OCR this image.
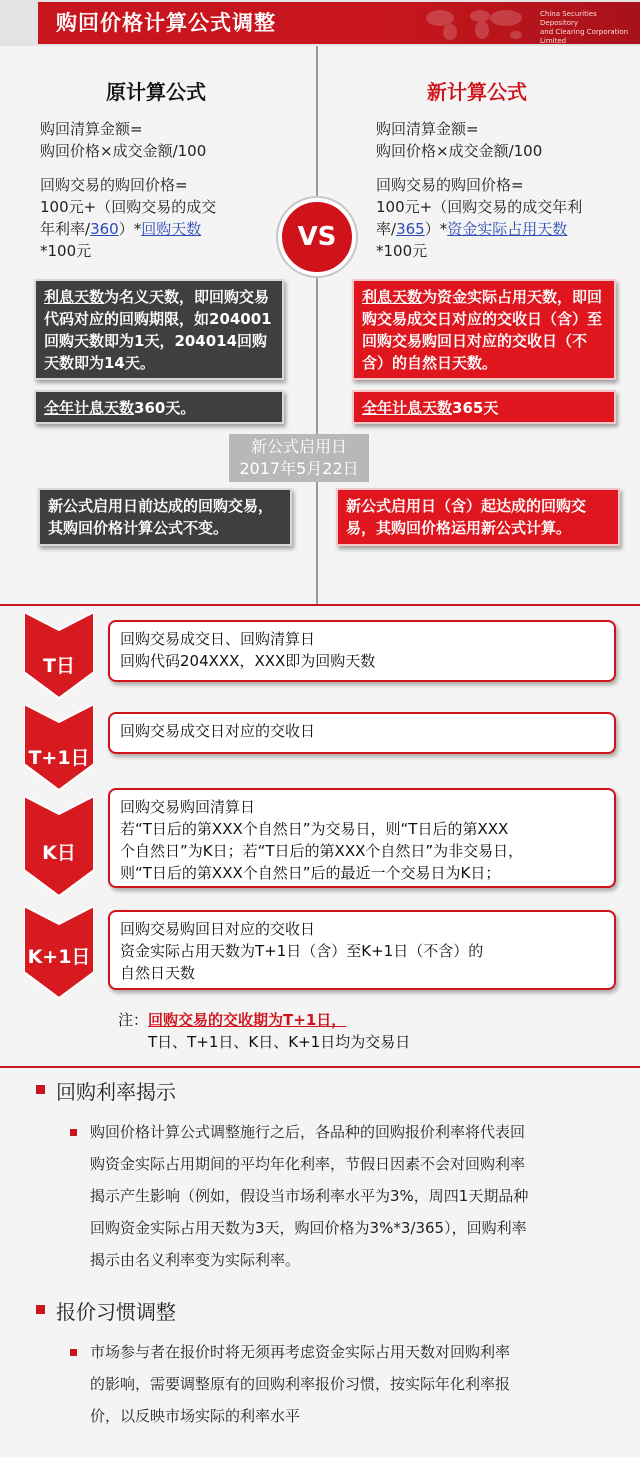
购回价格计算公式调整	China Securities Depository
and Clearing Corporation Limited
原计算公式	新计算公式
购回清算金额=
购回价格×成交金额/100
回购交易的购回价格=
100元+（回购交易的成交
年利率/360）*回购天数
*100元
购回清算金额=
购回价格×成交金额/100
回购交易的购回价格=
100元+（回购交易的成交年利
率/365）*资金实际占用天数
*100元
VS
利息天数为名义天数，即回购交易代码对应的回购期限，如204001回购天数即为1天，204014回购天数即为14天。
全年计息天数360天。
利息天数为资金实际占用天数，即回购交易成交日对应的交收日（含）至回购交易购回日对应的交收日（不含）的自然日天数。
全年计息天数365天
新公式启用日
2017年5月22日
新公式启用日前达成的回购交易，其购回价格计算公式不变。
新公式启用日（含）起达成的回购交易，其购回价格运用新公式计算。
T日
回购交易成交日、回购清算日
回购代码204XXX，XXX即为回购天数
T+1日
回购交易成交日对应的交收日
K日
回购交易购回清算日
若“T日后的第XXX个自然日”为交易日，则“T日后的第XXX
个自然日”为K日；若“T日后的第XXX个自然日”为非交易日，
则“T日后的第XXX个自然日”后的最近一个交易日为K日；
K+1日
回购交易购回日对应的交收日
资金实际占用天数为T+1日（含）至K+1日（不含）的
自然日天数
注：回购交易的交收期为T+1日，
T日、T+1日、K日、K+1日均为交易日
回购利率揭示
购回价格计算公式调整施行之后，各品种的回购报价利率将代表回
购资金实际占用期间的平均年化利率，节假日因素不会对回购利率
揭示产生影响（例如，假设当市场利率水平为3%，周四1天期品种
回购资金实际占用天数为3天，购回价格为3%*3/365），回购利率
揭示由名义利率变为实际利率。
报价习惯调整
市场参与者在报价时将无须再考虑资金实际占用天数对回购利率
的影响，需要调整原有的回购利率报价习惯，按实际年化利率报
价，以反映市场实际的利率水平
